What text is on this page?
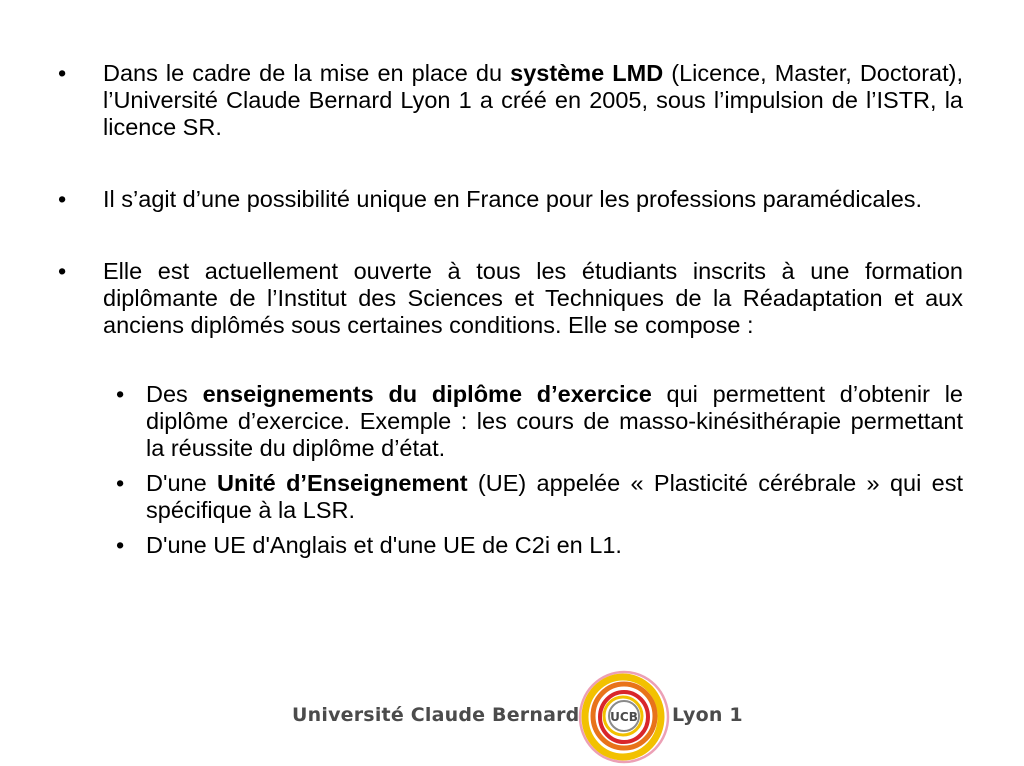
•	Dans le cadre de la mise en place du système LMD (Licence, Master, Doctorat), l’Université Claude Bernard Lyon 1 a créé en 2005, sous l’impulsion de l’ISTR, la licence SR.

•	Il s’agit d’une possibilité unique en France pour les professions paramédicales.

•	Elle est actuellement ouverte à tous les étudiants inscrits à une formation diplômante de l’Institut des Sciences et Techniques de la Réadaptation et aux anciens diplômés sous certaines conditions. Elle se compose :

• Des enseignements du diplôme d’exercice qui permettent d’obtenir le diplôme d’exercice. Exemple : les cours de masso-kinésithérapie permettant la réussite du diplôme d’état.

• D'une Unité d’Enseignement (UE) appelée « Plasticité cérébrale » qui est spécifique à la LSR.

• D'une UE d'Anglais et d'une UE de C2i en L1.

Université Claude Bernard	UCB Lyon 1
